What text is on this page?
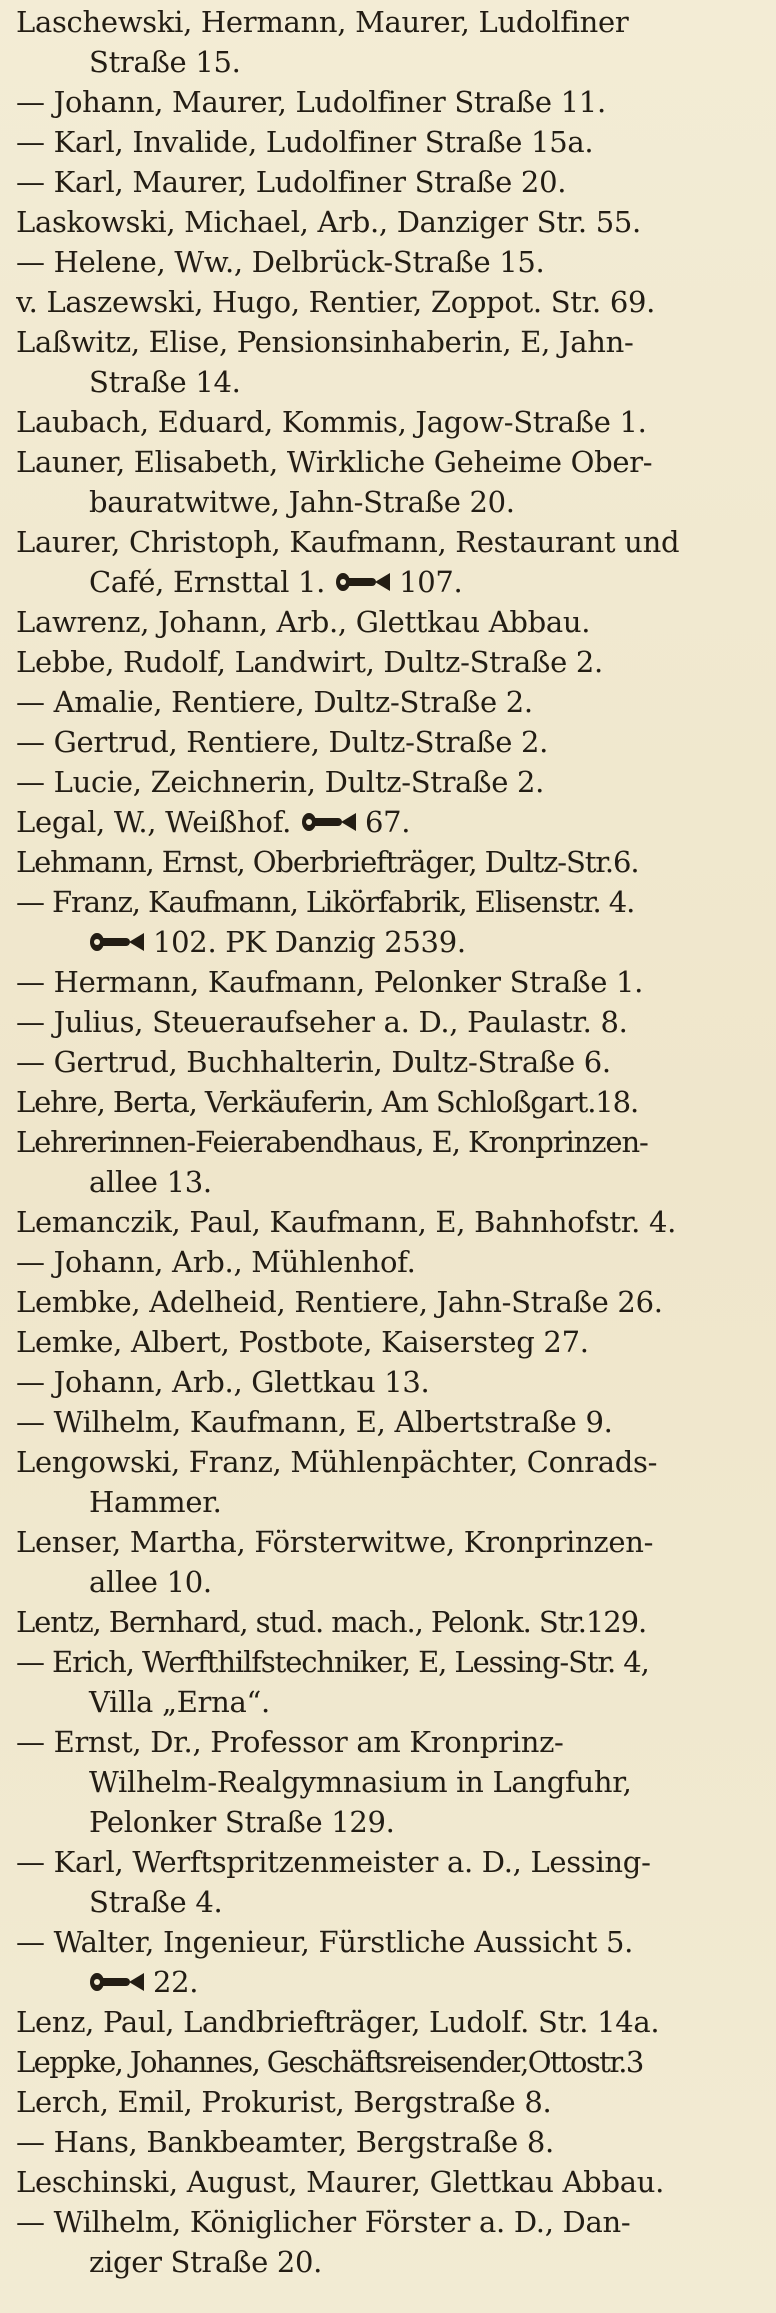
Laschewski, Hermann, Maurer, Ludolfiner
Straße 15.
— Johann, Maurer, Ludolfiner Straße 11.
— Karl, Invalide, Ludolfiner Straße 15a.
— Karl, Maurer, Ludolfiner Straße 20.
Laskowski, Michael, Arb., Danziger Str. 55.
— Helene, Ww., Delbrück-Straße 15.
v. Laszewski, Hugo, Rentier, Zoppot. Str. 69.
Laßwitz, Elise, Pensionsinhaberin, E, Jahn-
Straße 14.
Laubach, Eduard, Kommis, Jagow-Straße 1.
Launer, Elisabeth, Wirkliche Geheime Ober-
bauratwitwe, Jahn-Straße 20.
Laurer, Christoph, Kaufmann, Restaurant und
Café, Ernsttal 1.	107.
Lawrenz, Johann, Arb., Glettkau Abbau.
Lebbe, Rudolf, Landwirt, Dultz-Straße 2.
— Amalie, Rentiere, Dultz-Straße 2.
— Gertrud, Rentiere, Dultz-Straße 2.
— Lucie, Zeichnerin, Dultz-Straße 2.
Legal, W., Weißhof.	67.
Lehmann, Ernst, Oberbriefträger, Dultz-Str.6.
— Franz, Kaufmann, Likörfabrik, Elisenstr. 4.
102. PK Danzig 2539.
— Hermann, Kaufmann, Pelonker Straße 1.
— Julius, Steueraufseher a. D., Paulastr. 8.
— Gertrud, Buchhalterin, Dultz-Straße 6.
Lehre, Berta, Verkäuferin, Am Schloßgart.18.
Lehrerinnen-Feierabendhaus, E, Kronprinzen-
allee 13.
Lemanczik, Paul, Kaufmann, E, Bahnhofstr. 4.
— Johann, Arb., Mühlenhof.
Lembke, Adelheid, Rentiere, Jahn-Straße 26.
Lemke, Albert, Postbote, Kaisersteg 27.
— Johann, Arb., Glettkau 13.
— Wilhelm, Kaufmann, E, Albertstraße 9.
Lengowski, Franz, Mühlenpächter, Conrads-
Hammer.
Lenser, Martha, Försterwitwe, Kronprinzen-
allee 10.
Lentz, Bernhard, stud. mach., Pelonk. Str.129.
— Erich, Werfthilfstechniker, E, Lessing-Str. 4,
Villa „Erna“.
— Ernst, Dr., Professor am Kronprinz-
Wilhelm-Realgymnasium in Langfuhr,
Pelonker Straße 129.
— Karl, Werftspritzenmeister a. D., Lessing-
Straße 4.
— Walter, Ingenieur, Fürstliche Aussicht 5.
22.
Lenz, Paul, Landbriefträger, Ludolf. Str. 14a.
Leppke, Johannes, Geschäftsreisender,Ottostr.3
Lerch, Emil, Prokurist, Bergstraße 8.
— Hans, Bankbeamter, Bergstraße 8.
Leschinski, August, Maurer, Glettkau Abbau.
— Wilhelm, Königlicher Förster a. D., Dan-
ziger Straße 20.
